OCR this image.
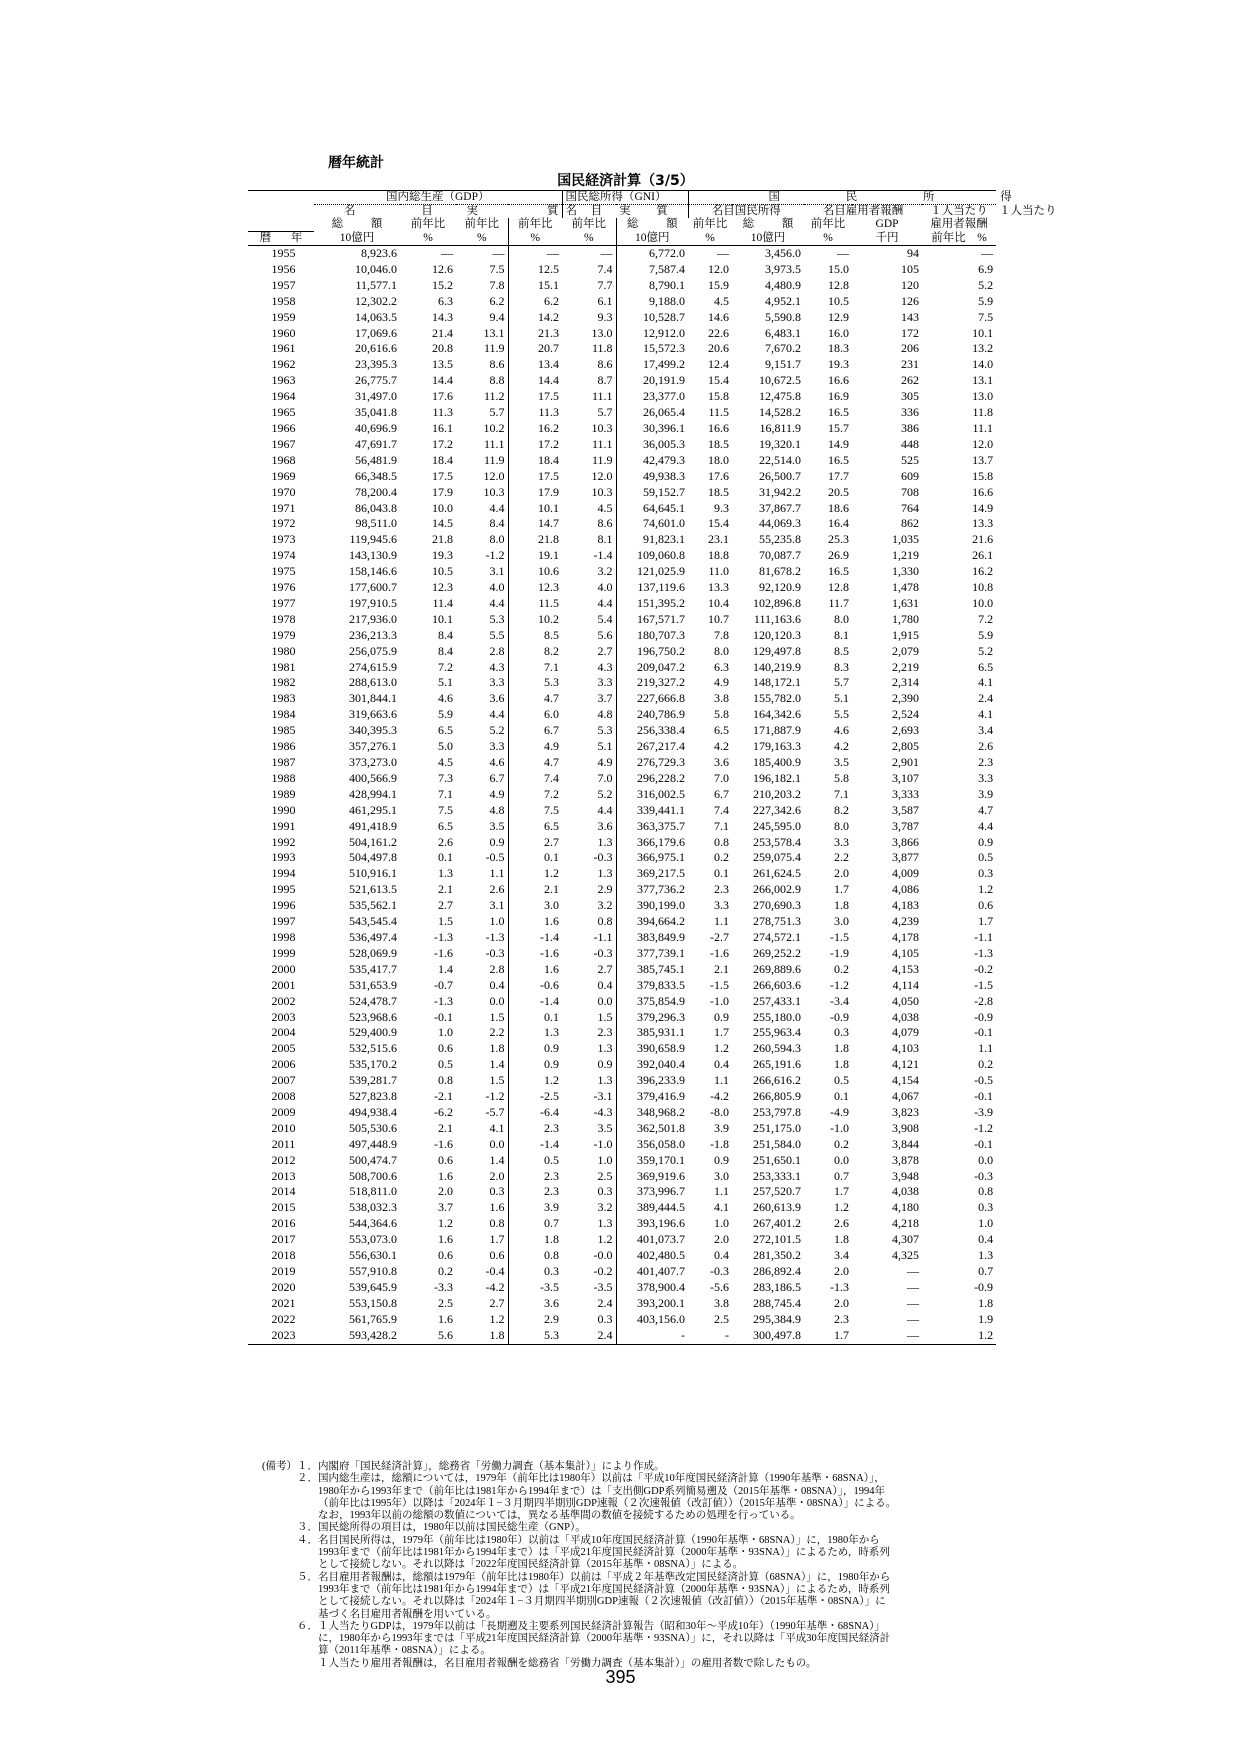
暦年統計
国民経済計算（3/5）
	国内総生産（GDP）				国民総所得（GNI）		国 民 所 得					
	名 目 実			質	名 目	実 質	名目国民所得		名目雇用者報酬		１人当たり	１人当たり
	総 額	前年比	前年比	前年比	前年比	総 額	前年比	総 額	前年比	GDP	雇用者報酬	
暦 年	10億円	%	%	%	%	10億円	%	10億円	%	千円	前年比　%	
1955	8,923.6	―	―	―	―	6,772.0	―	3,456.0	―	94	―	
1956	10,046.0	12.6	7.5	12.5	7.4	7,587.4	12.0	3,973.5	15.0	105	6.9	
1957	11,577.1	15.2	7.8	15.1	7.7	8,790.1	15.9	4,480.9	12.8	120	5.2	
1958	12,302.2	6.3	6.2	6.2	6.1	9,188.0	4.5	4,952.1	10.5	126	5.9	
1959	14,063.5	14.3	9.4	14.2	9.3	10,528.7	14.6	5,590.8	12.9	143	7.5	
1960	17,069.6	21.4	13.1	21.3	13.0	12,912.0	22.6	6,483.1	16.0	172	10.1	
1961	20,616.6	20.8	11.9	20.7	11.8	15,572.3	20.6	7,670.2	18.3	206	13.2	
1962	23,395.3	13.5	8.6	13.4	8.6	17,499.2	12.4	9,151.7	19.3	231	14.0	
1963	26,775.7	14.4	8.8	14.4	8.7	20,191.9	15.4	10,672.5	16.6	262	13.1	
1964	31,497.0	17.6	11.2	17.5	11.1	23,377.0	15.8	12,475.8	16.9	305	13.0	
1965	35,041.8	11.3	5.7	11.3	5.7	26,065.4	11.5	14,528.2	16.5	336	11.8	
1966	40,696.9	16.1	10.2	16.2	10.3	30,396.1	16.6	16,811.9	15.7	386	11.1	
1967	47,691.7	17.2	11.1	17.2	11.1	36,005.3	18.5	19,320.1	14.9	448	12.0	
1968	56,481.9	18.4	11.9	18.4	11.9	42,479.3	18.0	22,514.0	16.5	525	13.7	
1969	66,348.5	17.5	12.0	17.5	12.0	49,938.3	17.6	26,500.7	17.7	609	15.8	
1970	78,200.4	17.9	10.3	17.9	10.3	59,152.7	18.5	31,942.2	20.5	708	16.6	
1971	86,043.8	10.0	4.4	10.1	4.5	64,645.1	9.3	37,867.7	18.6	764	14.9	
1972	98,511.0	14.5	8.4	14.7	8.6	74,601.0	15.4	44,069.3	16.4	862	13.3	
1973	119,945.6	21.8	8.0	21.8	8.1	91,823.1	23.1	55,235.8	25.3	1,035	21.6	
1974	143,130.9	19.3	-1.2	19.1	-1.4	109,060.8	18.8	70,087.7	26.9	1,219	26.1	
1975	158,146.6	10.5	3.1	10.6	3.2	121,025.9	11.0	81,678.2	16.5	1,330	16.2	
1976	177,600.7	12.3	4.0	12.3	4.0	137,119.6	13.3	92,120.9	12.8	1,478	10.8	
1977	197,910.5	11.4	4.4	11.5	4.4	151,395.2	10.4	102,896.8	11.7	1,631	10.0	
1978	217,936.0	10.1	5.3	10.2	5.4	167,571.7	10.7	111,163.6	8.0	1,780	7.2	
1979	236,213.3	8.4	5.5	8.5	5.6	180,707.3	7.8	120,120.3	8.1	1,915	5.9	
1980	256,075.9	8.4	2.8	8.2	2.7	196,750.2	8.0	129,497.8	8.5	2,079	5.2	
1981	274,615.9	7.2	4.3	7.1	4.3	209,047.2	6.3	140,219.9	8.3	2,219	6.5	
1982	288,613.0	5.1	3.3	5.3	3.3	219,327.2	4.9	148,172.1	5.7	2,314	4.1	
1983	301,844.1	4.6	3.6	4.7	3.7	227,666.8	3.8	155,782.0	5.1	2,390	2.4	
1984	319,663.6	5.9	4.4	6.0	4.8	240,786.9	5.8	164,342.6	5.5	2,524	4.1	
1985	340,395.3	6.5	5.2	6.7	5.3	256,338.4	6.5	171,887.9	4.6	2,693	3.4	
1986	357,276.1	5.0	3.3	4.9	5.1	267,217.4	4.2	179,163.3	4.2	2,805	2.6	
1987	373,273.0	4.5	4.6	4.7	4.9	276,729.3	3.6	185,400.9	3.5	2,901	2.3	
1988	400,566.9	7.3	6.7	7.4	7.0	296,228.2	7.0	196,182.1	5.8	3,107	3.3	
1989	428,994.1	7.1	4.9	7.2	5.2	316,002.5	6.7	210,203.2	7.1	3,333	3.9	
1990	461,295.1	7.5	4.8	7.5	4.4	339,441.1	7.4	227,342.6	8.2	3,587	4.7	
1991	491,418.9	6.5	3.5	6.5	3.6	363,375.7	7.1	245,595.0	8.0	3,787	4.4	
1992	504,161.2	2.6	0.9	2.7	1.3	366,179.6	0.8	253,578.4	3.3	3,866	0.9	
1993	504,497.8	0.1	-0.5	0.1	-0.3	366,975.1	0.2	259,075.4	2.2	3,877	0.5	
1994	510,916.1	1.3	1.1	1.2	1.3	369,217.5	0.1	261,624.5	2.0	4,009	0.3	
1995	521,613.5	2.1	2.6	2.1	2.9	377,736.2	2.3	266,002.9	1.7	4,086	1.2	
1996	535,562.1	2.7	3.1	3.0	3.2	390,199.0	3.3	270,690.3	1.8	4,183	0.6	
1997	543,545.4	1.5	1.0	1.6	0.8	394,664.2	1.1	278,751.3	3.0	4,239	1.7	
1998	536,497.4	-1.3	-1.3	-1.4	-1.1	383,849.9	-2.7	274,572.1	-1.5	4,178	-1.1	
1999	528,069.9	-1.6	-0.3	-1.6	-0.3	377,739.1	-1.6	269,252.2	-1.9	4,105	-1.3	
2000	535,417.7	1.4	2.8	1.6	2.7	385,745.1	2.1	269,889.6	0.2	4,153	-0.2	
2001	531,653.9	-0.7	0.4	-0.6	0.4	379,833.5	-1.5	266,603.6	-1.2	4,114	-1.5	
2002	524,478.7	-1.3	0.0	-1.4	0.0	375,854.9	-1.0	257,433.1	-3.4	4,050	-2.8	
2003	523,968.6	-0.1	1.5	0.1	1.5	379,296.3	0.9	255,180.0	-0.9	4,038	-0.9	
2004	529,400.9	1.0	2.2	1.3	2.3	385,931.1	1.7	255,963.4	0.3	4,079	-0.1	
2005	532,515.6	0.6	1.8	0.9	1.3	390,658.9	1.2	260,594.3	1.8	4,103	1.1	
2006	535,170.2	0.5	1.4	0.9	0.9	392,040.4	0.4	265,191.6	1.8	4,121	0.2	
2007	539,281.7	0.8	1.5	1.2	1.3	396,233.9	1.1	266,616.2	0.5	4,154	-0.5	
2008	527,823.8	-2.1	-1.2	-2.5	-3.1	379,416.9	-4.2	266,805.9	0.1	4,067	-0.1	
2009	494,938.4	-6.2	-5.7	-6.4	-4.3	348,968.2	-8.0	253,797.8	-4.9	3,823	-3.9	
2010	505,530.6	2.1	4.1	2.3	3.5	362,501.8	3.9	251,175.0	-1.0	3,908	-1.2	
2011	497,448.9	-1.6	0.0	-1.4	-1.0	356,058.0	-1.8	251,584.0	0.2	3,844	-0.1	
2012	500,474.7	0.6	1.4	0.5	1.0	359,170.1	0.9	251,650.1	0.0	3,878	0.0	
2013	508,700.6	1.6	2.0	2.3	2.5	369,919.6	3.0	253,333.1	0.7	3,948	-0.3	
2014	518,811.0	2.0	0.3	2.3	0.3	373,996.7	1.1	257,520.7	1.7	4,038	0.8	
2015	538,032.3	3.7	1.6	3.9	3.2	389,444.5	4.1	260,613.9	1.2	4,180	0.3	
2016	544,364.6	1.2	0.8	0.7	1.3	393,196.6	1.0	267,401.2	2.6	4,218	1.0	
2017	553,073.0	1.6	1.7	1.8	1.2	401,073.7	2.0	272,101.5	1.8	4,307	0.4	
2018	556,630.1	0.6	0.6	0.8	-0.0	402,480.5	0.4	281,350.2	3.4	4,325	1.3	
2019	557,910.8	0.2	-0.4	0.3	-0.2	401,407.7	-0.3	286,892.4	2.0	―	0.7	
2020	539,645.9	-3.3	-4.2	-3.5	-3.5	378,900.4	-5.6	283,186.5	-1.3	―	-0.9	
2021	553,150.8	2.5	2.7	3.6	2.4	393,200.1	3.8	288,745.4	2.0	―	1.8	
2022	561,765.9	1.6	1.2	2.9	0.3	403,156.0	2.5	295,384.9	2.3	―	1.9	
2023	593,428.2	5.6	1.8	5.3	2.4	-	-	300,497.8	1.7	―	1.2	
(備考）１． 内閣府「国民経済計算」，総務省「労働力調査（基本集計）」により作成。
２． 国内総生産は，総額については，1979年（前年比は1980年）以前は「平成10年度国民経済計算（1990年基準・68SNA）」，
1980年から1993年まで（前年比は1981年から1994年まで）は「支出側GDP系列簡易遡及（2015年基準・08SNA）」，1994年
（前年比は1995年）以降は「2024年１−３月期四半期別GDP速報（２次速報値（改訂値））（2015年基準・08SNA）」による。
なお，1993年以前の総額の数値については，異なる基準間の数値を接続するための処理を行っている。
３． 国民総所得の項目は，1980年以前は国民総生産（GNP）。
４． 名目国民所得は，1979年（前年比は1980年）以前は「平成10年度国民経済計算（1990年基準・68SNA）」に，1980年から
1993年まで（前年比は1981年から1994年まで）は「平成21年度国民経済計算（2000年基準・93SNA）」によるため，時系列
として接続しない。それ以降は「2022年度国民経済計算（2015年基準・08SNA）」による。
５． 名目雇用者報酬は，総額は1979年（前年比は1980年）以前は「平成２年基準改定国民経済計算（68SNA）」に，1980年から
1993年まで（前年比は1981年から1994年まで）は「平成21年度国民経済計算（2000年基準・93SNA）」によるため，時系列
として接続しない。それ以降は「2024年１−３月期四半期別GDP速報（２次速報値（改訂値））（2015年基準・08SNA）」に
基づく名目雇用者報酬を用いている。
６． １人当たりGDPは，1979年以前は「長期遡及主要系列国民経済計算報告（昭和30年〜平成10年）（1990年基準・68SNA）」
に，1980年から1993年までは「平成21年度国民経済計算（2000年基準・93SNA）」に，それ以降は「平成30年度国民経済計
算（2011年基準・08SNA）」による。
１人当たり雇用者報酬は，名目雇用者報酬を総務省「労働力調査（基本集計）」の雇用者数で除したもの。
395
